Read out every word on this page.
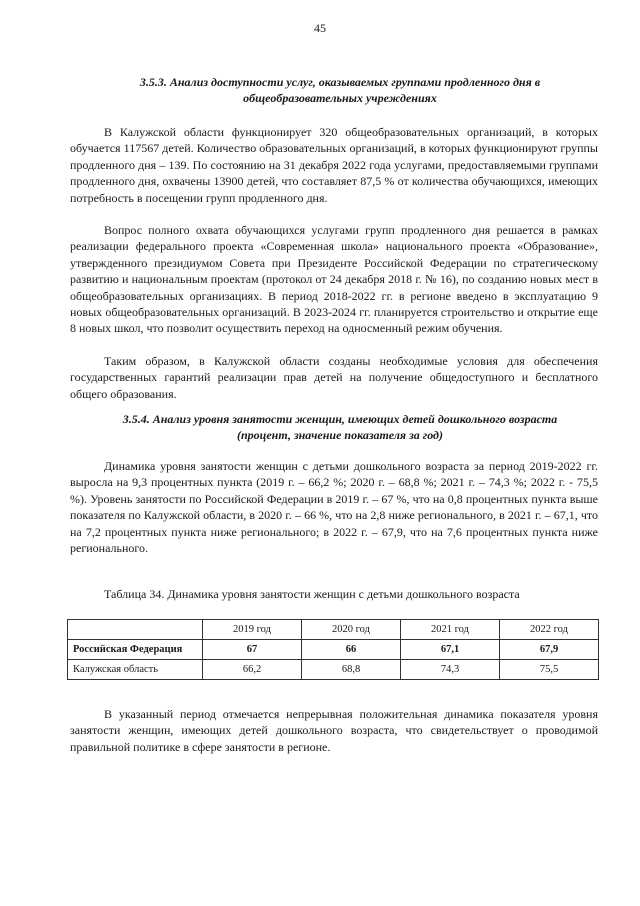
45
3.5.3. Анализ доступности услуг, оказываемых группами продленного дня в
общеобразовательных учреждениях

В Калужской области функционирует 320 общеобразовательных организаций, в которых обучается 117567 детей. Количество образовательных организаций, в которых функционируют группы продленного дня – 139. По состоянию на 31 декабря 2022 года услугами, предоставляемыми группами продленного дня, охвачены 13900 детей, что составляет 87,5 % от количества обучающихся, имеющих потребность в посещении групп продленного дня.

Вопрос полного охвата обучающихся услугами групп продленного дня решается в рамках реализации федерального проекта «Современная школа» национального проекта «Образование», утвержденного президиумом Совета при Президенте Российской Федерации по стратегическому развитию и национальным проектам (протокол от 24 декабря 2018 г. № 16), по созданию новых мест в общеобразовательных организациях. В период 2018-2022 гг. в регионе введено в эксплуатацию 9 новых общеобразовательных организаций. В 2023-2024 гг. планируется строительство и открытие еще 8 новых школ, что позволит осуществить переход на односменный режим обучения.

Таким образом, в Калужской области созданы необходимые условия для обеспечения государственных гарантий реализации прав детей на получение общедоступного и бесплатного общего образования.

3.5.4. Анализ уровня занятости женщин, имеющих детей дошкольного возраста
(процент, значение показателя за год)

Динамика уровня занятости женщин с детьми дошкольного возраста за период 2019-2022 гг. выросла на 9,3 процентных пункта (2019 г. – 66,2 %; 2020 г. – 68,8 %; 2021 г. – 74,3 %; 2022 г. - 75,5 %). Уровень занятости по Российской Федерации в 2019 г. – 67 %, что на 0,8 процентных пункта выше показателя по Калужской области, в 2020 г. – 66 %, что на 2,8 ниже регионального, в 2021 г. – 67,1, что на 7,2 процентных пункта ниже регионального; в 2022 г. – 67,9, что на 7,6 процентных пункта ниже регионального.

Таблица 34. Динамика уровня занятости женщин с детьми дошкольного возраста
	2019 год	2020 год	2021 год	2022 год
Российская Федерация	67	66	67,1	67,9
Калужская область	66,2	68,8	74,3	75,5

В указанный период отмечается непрерывная положительная динамика показателя уровня занятости женщин, имеющих детей дошкольного возраста, что свидетельствует о проводимой правильной политике в сфере занятости в регионе.
